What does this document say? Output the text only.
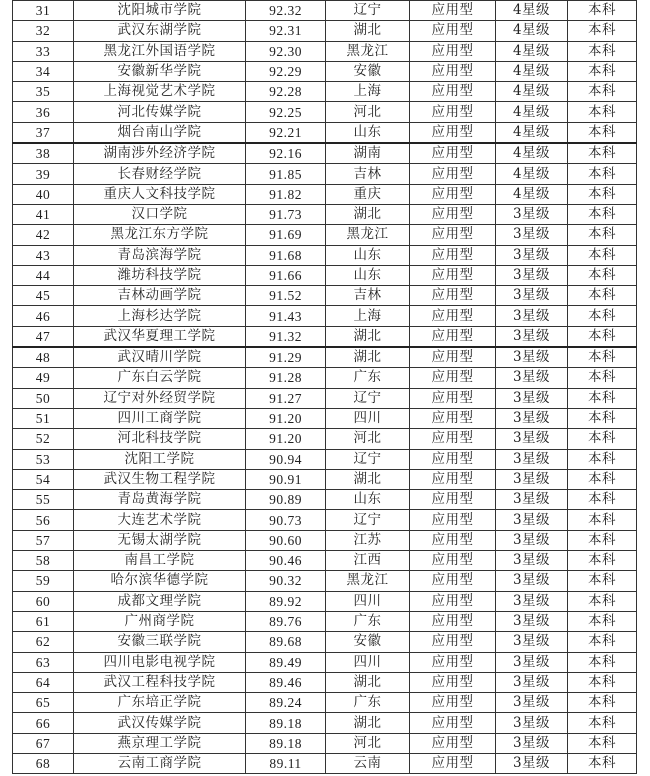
31	沈阳城市学院	92.32	辽宁	应用型	4星级	本科
32	武汉东湖学院	92.31	湖北	应用型	4星级	本科
33	黑龙江外国语学院	92.30	黑龙江	应用型	4星级	本科
34	安徽新华学院	92.29	安徽	应用型	4星级	本科
35	上海视觉艺术学院	92.28	上海	应用型	4星级	本科
36	河北传媒学院	92.25	河北	应用型	4星级	本科
37	烟台南山学院	92.21	山东	应用型	4星级	本科
38	湖南涉外经济学院	92.16	湖南	应用型	4星级	本科
39	长春财经学院	91.85	吉林	应用型	4星级	本科
40	重庆人文科技学院	91.82	重庆	应用型	4星级	本科
41	汉口学院	91.73	湖北	应用型	3星级	本科
42	黑龙江东方学院	91.69	黑龙江	应用型	3星级	本科
43	青岛滨海学院	91.68	山东	应用型	3星级	本科
44	潍坊科技学院	91.66	山东	应用型	3星级	本科
45	吉林动画学院	91.52	吉林	应用型	3星级	本科
46	上海杉达学院	91.43	上海	应用型	3星级	本科
47	武汉华夏理工学院	91.32	湖北	应用型	3星级	本科
48	武汉晴川学院	91.29	湖北	应用型	3星级	本科
49	广东白云学院	91.28	广东	应用型	3星级	本科
50	辽宁对外经贸学院	91.27	辽宁	应用型	3星级	本科
51	四川工商学院	91.20	四川	应用型	3星级	本科
52	河北科技学院	91.20	河北	应用型	3星级	本科
53	沈阳工学院	90.94	辽宁	应用型	3星级	本科
54	武汉生物工程学院	90.91	湖北	应用型	3星级	本科
55	青岛黄海学院	90.89	山东	应用型	3星级	本科
56	大连艺术学院	90.73	辽宁	应用型	3星级	本科
57	无锡太湖学院	90.60	江苏	应用型	3星级	本科
58	南昌工学院	90.46	江西	应用型	3星级	本科
59	哈尔滨华德学院	90.32	黑龙江	应用型	3星级	本科
60	成都文理学院	89.92	四川	应用型	3星级	本科
61	广州商学院	89.76	广东	应用型	3星级	本科
62	安徽三联学院	89.68	安徽	应用型	3星级	本科
63	四川电影电视学院	89.49	四川	应用型	3星级	本科
64	武汉工程科技学院	89.46	湖北	应用型	3星级	本科
65	广东培正学院	89.24	广东	应用型	3星级	本科
66	武汉传媒学院	89.18	湖北	应用型	3星级	本科
67	燕京理工学院	89.18	河北	应用型	3星级	本科
68	云南工商学院	89.11	云南	应用型	3星级	本科
